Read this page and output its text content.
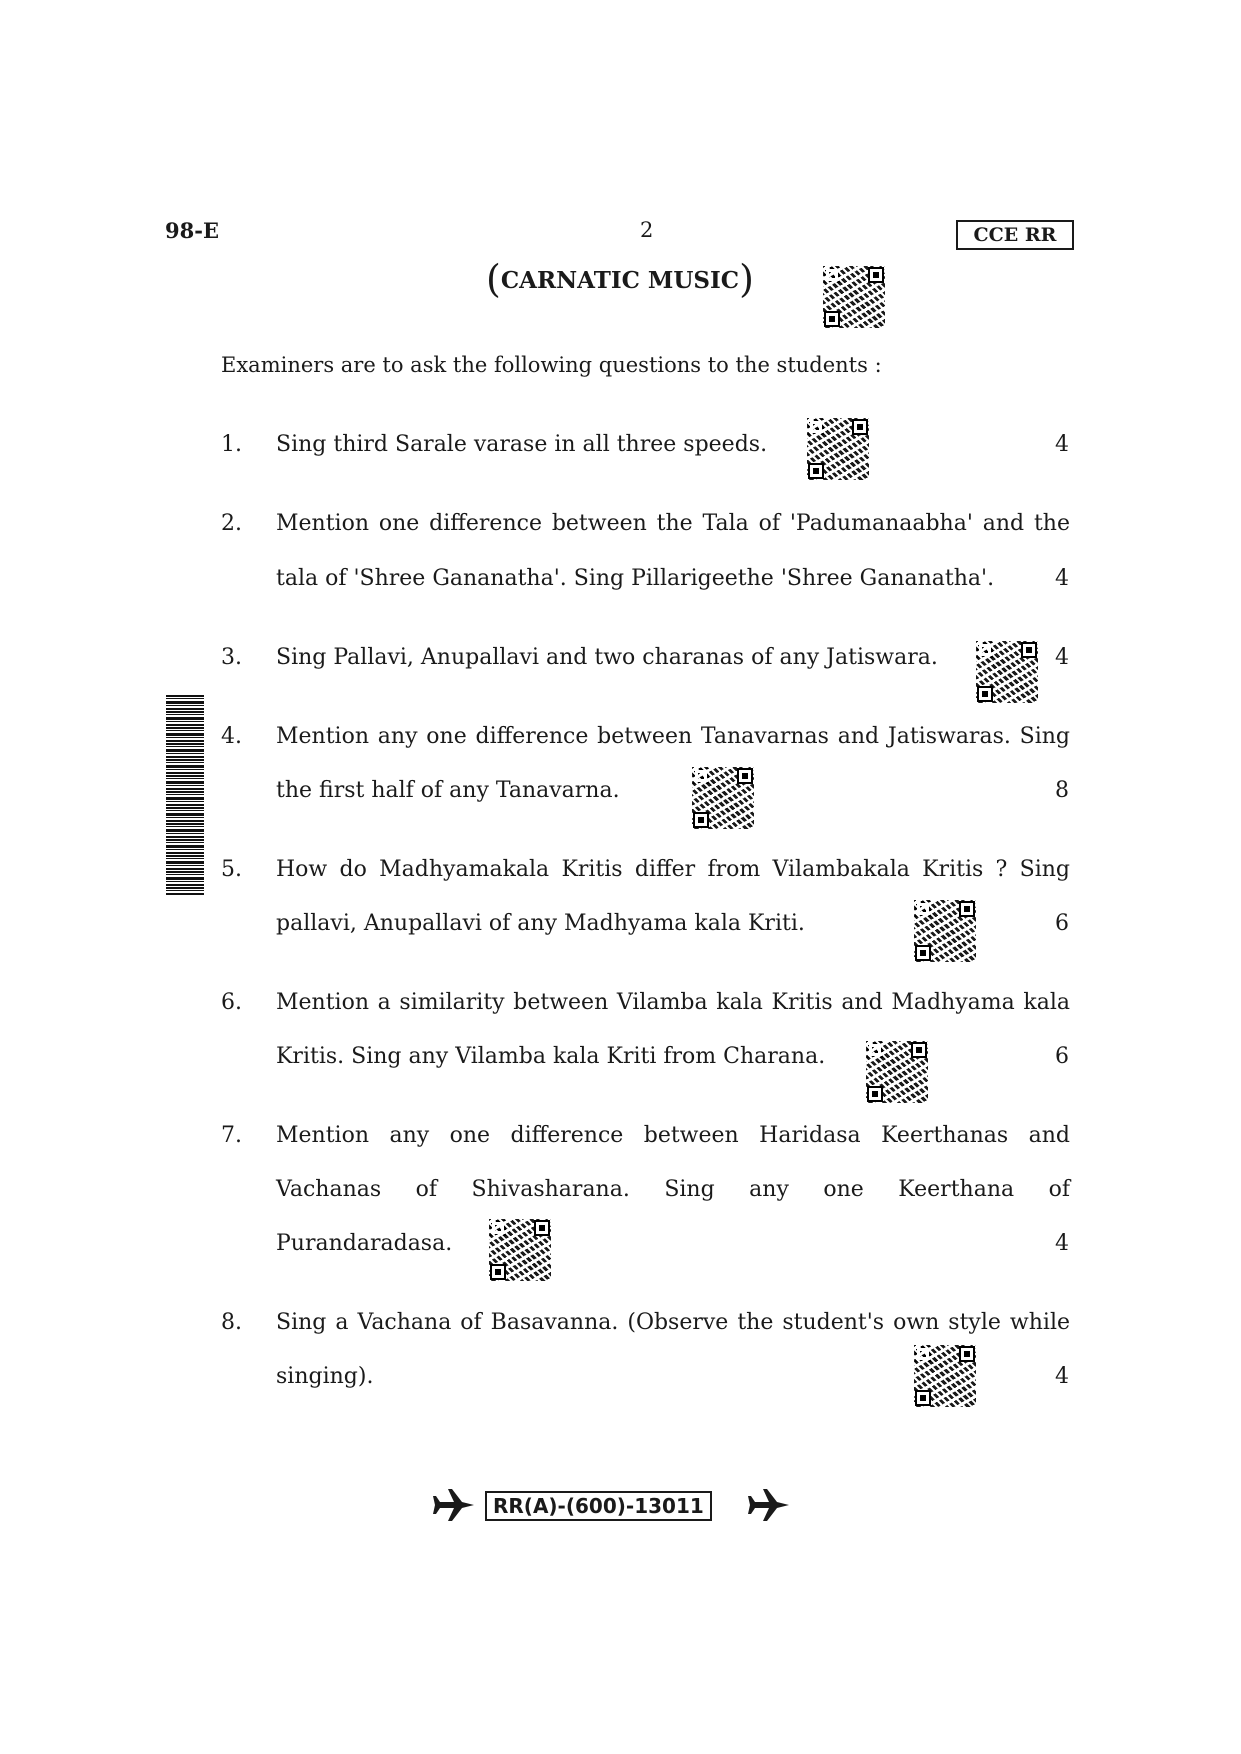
98-E	2	CCE RR
(CARNATIC MUSIC)
Examiners are to ask the following questions to the students :
1. Sing third Sarale varase in all three speeds.	4
2. Mention one difference between the Tala of 'Padumanaabha' and the
tala of 'Shree Gananatha'. Sing Pillarigeethe 'Shree Gananatha'.	4
3. Sing Pallavi, Anupallavi and two charanas of any Jatiswara.	4
4. Mention any one difference between Tanavarnas and Jatiswaras. Sing
the first half of any Tanavarna.	8
5. How do Madhyamakala Kritis differ from Vilambakala Kritis ? Sing
pallavi, Anupallavi of any Madhyama kala Kriti.	6
6. Mention a similarity between Vilamba kala Kritis and Madhyama kala
Kritis. Sing any Vilamba kala Kriti from Charana.	6
7. Mention any one difference between Haridasa Keerthanas and
Vachanas of Shivasharana. Sing any one Keerthana of
Purandaradasa.	4
8. Sing a Vachana of Basavanna. (Observe the student's own style while
singing).	4
RR(A)-(600)-13011
